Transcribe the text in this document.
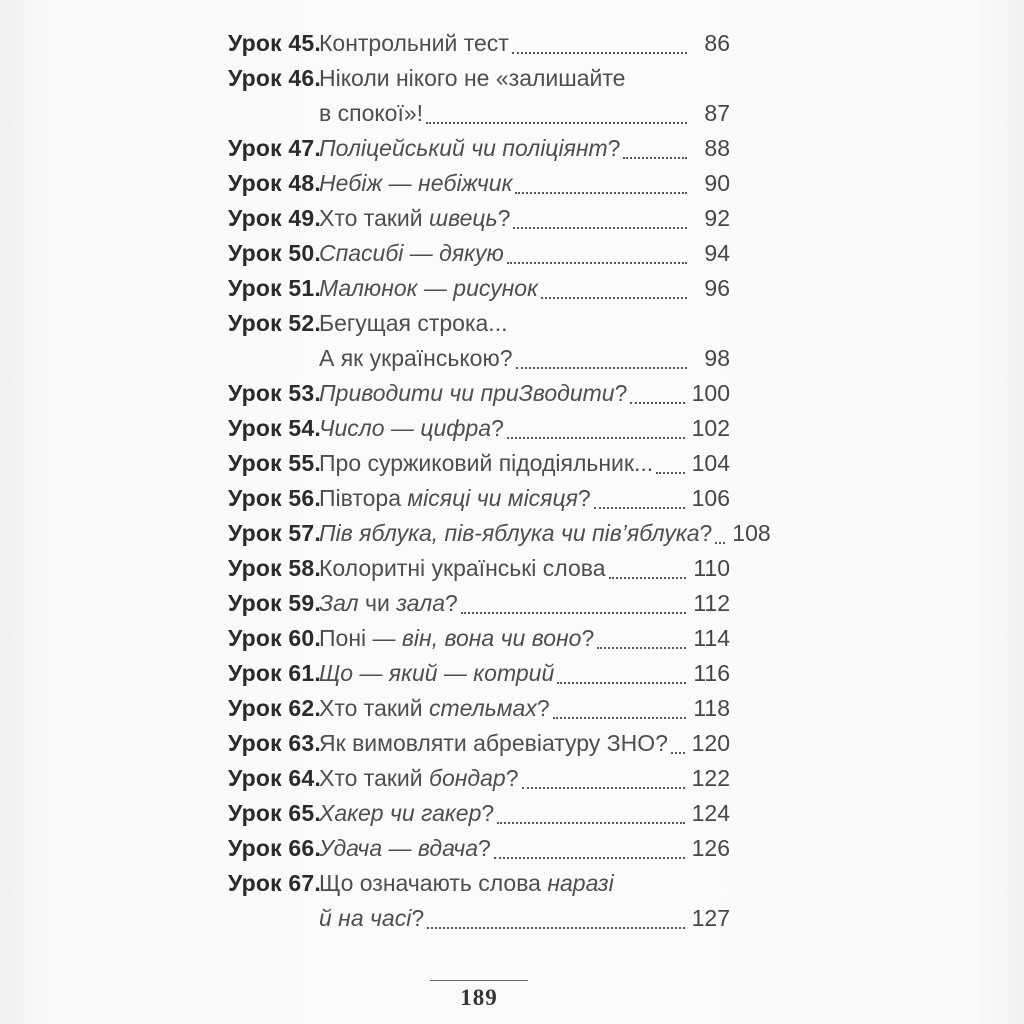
Урок 45.
Контрольний тест	86
Урок 46.
Ніколи нікого не «залишайте
в спокої»!	87
Урок 47.
Поліцейський чи поліціянт?	88
Урок 48.
Небіж — небіжчик	90
Урок 49.
Хто такий швець?	92
Урок 50.
Спасибі — дякую	94
Урок 51.
Малюнок — рисунок	96
Урок 52.
Бегущая строка...
А як українською?	98
Урок 53.
Приводити чи приЗводити?	100
Урок 54.
Число — цифра?	102
Урок 55.
Про суржиковий підодіяльник... 104
Урок 56.
Півтора місяці чи місяця?	106
Урок 57.
Пів яблука, пів-яблука чи пів’яблука? 108
Урок 58.
Колоритні українські слова	110
Урок 59.
Зал чи зала?	112
Урок 60.
Поні — він, вона чи воно?	114
Урок 61.
Що — який — котрий	116
Урок 62.
Хто такий стельмах?	118
Урок 63.
Як вимовляти абревіатуру ЗНО? 120
Урок 64.
Хто такий бондар?	122
Урок 65.
Хакер чи гакер?	124
Урок 66.
Удача — вдача?	126
Урок 67.
Що означають слова наразі
й на часі?	127
189
